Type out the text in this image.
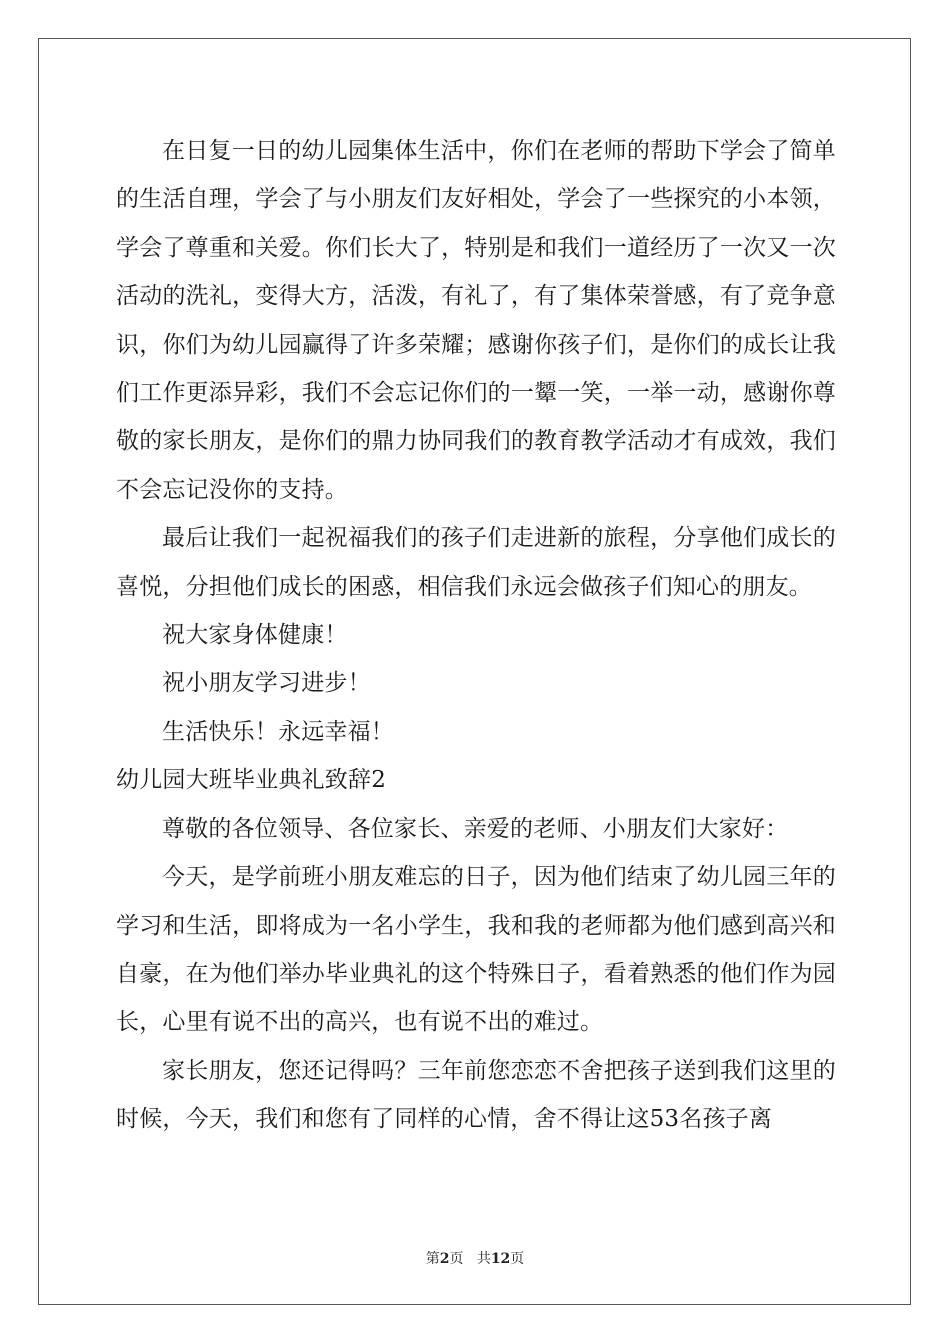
在日复一日的幼儿园集体生活中，你们在老师的帮助下学会了简单的生活自理，学会了与小朋友们友好相处，学会了一些探究的小本领，学会了尊重和关爱。你们长大了，特别是和我们一道经历了一次又一次活动的洗礼，变得大方，活泼，有礼了，有了集体荣誉感，有了竞争意识，你们为幼儿园赢得了许多荣耀；感谢你孩子们，是你们的成长让我们工作更添异彩，我们不会忘记你们的一颦一笑，一举一动，感谢你尊敬的家长朋友，是你们的鼎力协同我们的教育教学活动才有成效，我们不会忘记没你的支持。

最后让我们一起祝福我们的孩子们走进新的旅程，分享他们成长的喜悦，分担他们成长的困惑，相信我们永远会做孩子们知心的朋友。

祝大家身体健康！

祝小朋友学习进步！

生活快乐！永远幸福！

幼儿园大班毕业典礼致辞2

尊敬的各位领导、各位家长、亲爱的老师、小朋友们大家好：

今天，是学前班小朋友难忘的日子，因为他们结束了幼儿园三年的学习和生活，即将成为一名小学生，我和我的老师都为他们感到高兴和自豪，在为他们举办毕业典礼的这个特殊日子，看着熟悉的他们作为园长，心里有说不出的高兴，也有说不出的难过。

家长朋友，您还记得吗？三年前您恋恋不舍把孩子送到我们这里的时候，今天，我们和您有了同样的心情，舍不得让这53名孩子离

第2页 共12页
